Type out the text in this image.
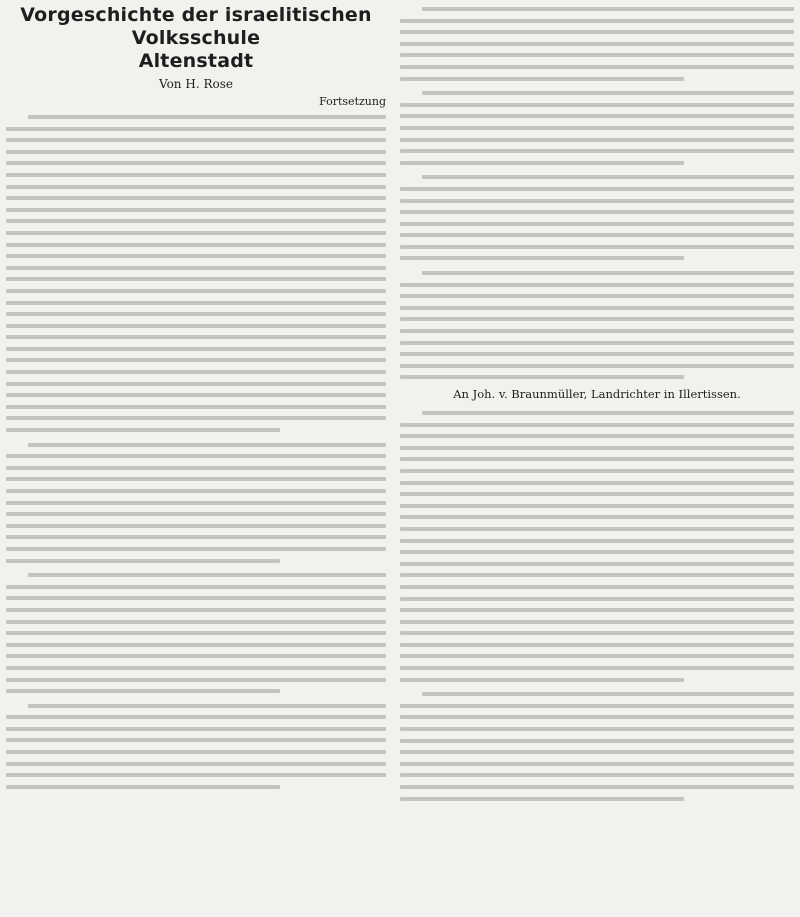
Vorgeschichte der israelitischen Volksschule
Altenstadt
Von H. Rose
Fortsetzung
An Joh. v. Braunmüller, Landrichter in Illertissen.
